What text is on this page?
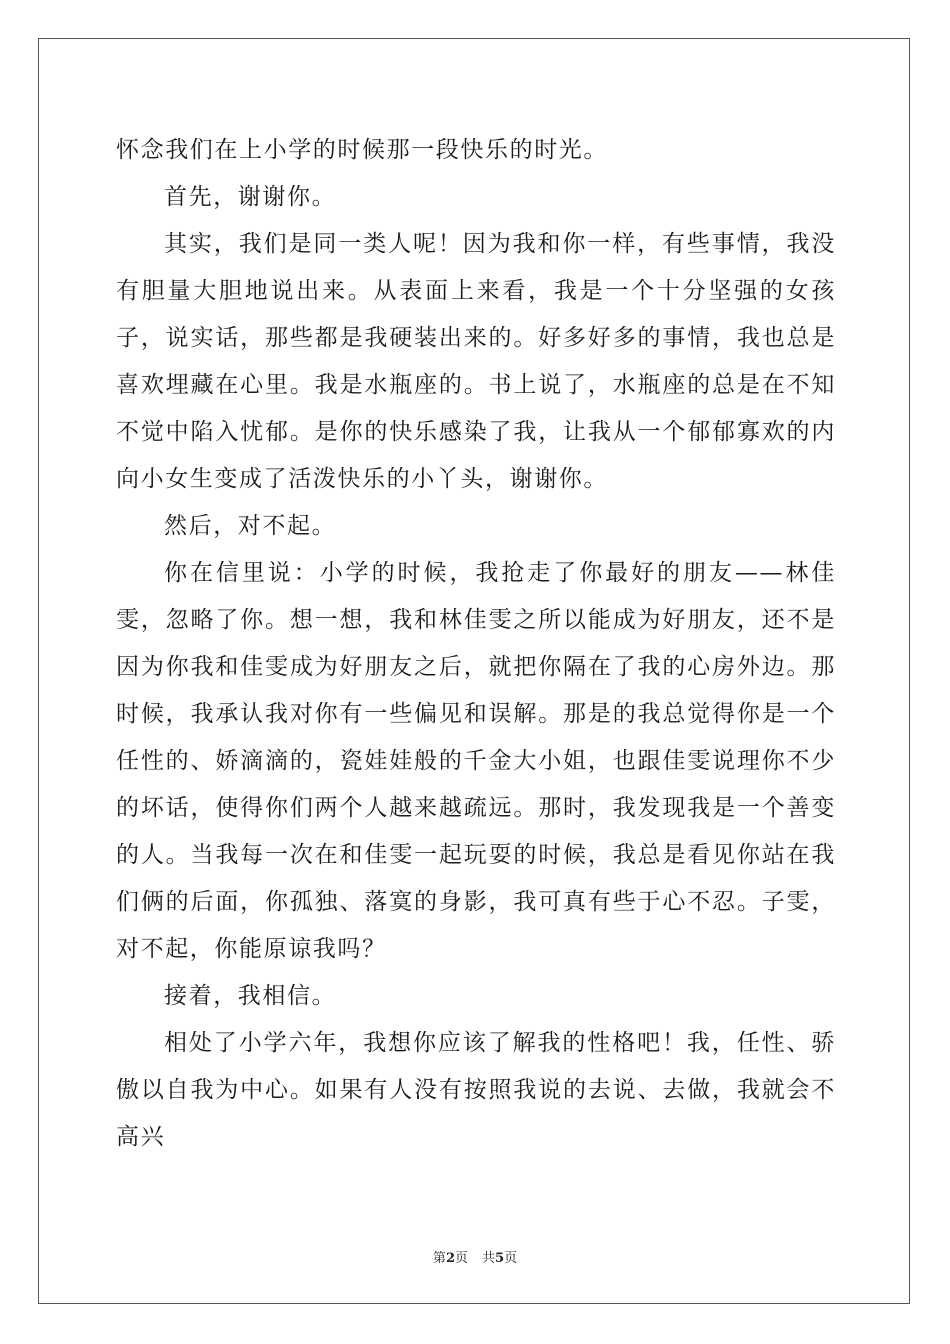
怀念我们在上小学的时候那一段快乐的时光。

首先，谢谢你。

其实，我们是同一类人呢！因为我和你一样，有些事情，我没有胆量大胆地说出来。从表面上来看，我是一个十分坚强的女孩子，说实话，那些都是我硬装出来的。好多好多的事情，我也总是喜欢埋藏在心里。我是水瓶座的。书上说了，水瓶座的总是在不知不觉中陷入忧郁。是你的快乐感染了我，让我从一个郁郁寡欢的内向小女生变成了活泼快乐的小丫头，谢谢你。

然后，对不起。

你在信里说：小学的时候，我抢走了你最好的朋友——林佳雯，忽略了你。想一想，我和林佳雯之所以能成为好朋友，还不是因为你我和佳雯成为好朋友之后，就把你隔在了我的心房外边。那时候，我承认我对你有一些偏见和误解。那是的我总觉得你是一个任性的、娇滴滴的，瓷娃娃般的千金大小姐，也跟佳雯说理你不少的坏话，使得你们两个人越来越疏远。那时，我发现我是一个善变的人。当我每一次在和佳雯一起玩耍的时候，我总是看见你站在我们俩的后面，你孤独、落寞的身影，我可真有些于心不忍。子雯，对不起，你能原谅我吗？

接着，我相信。

相处了小学六年，我想你应该了解我的性格吧！我，任性、骄傲以自我为中心。如果有人没有按照我说的去说、去做，我就会不高兴

第2页 共5页
